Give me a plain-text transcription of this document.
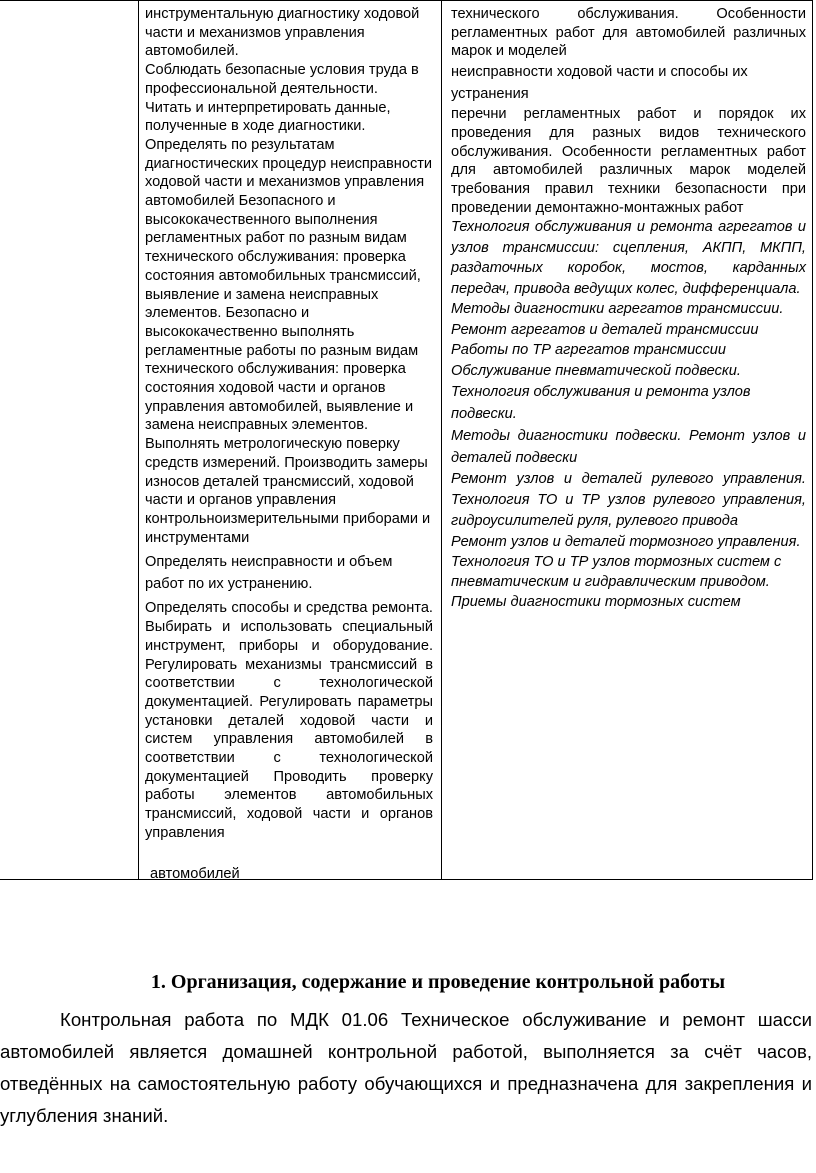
инструментальную диагностику ходовой части и механизмов управления автомобилей.

Соблюдать безопасные условия труда в профессиональной деятельности.

Читать и интерпретировать данные, полученные в ходе диагностики.

Определять по результатам диагностических процедур неисправности ходовой части и механизмов управления автомобилей Безопасного и высококачественного выполнения регламентных работ по разным видам технического обслуживания: проверка состояния автомобильных трансмиссий, выявление и замена неисправных элементов. Безопасно и высококачественно выполнять регламентные работы по разным видам технического обслуживания: проверка состояния ходовой части и органов управления автомобилей, выявление и замена неисправных элементов.

Выполнять метрологическую поверку средств измерений. Производить замеры износов деталей трансмиссий, ходовой части и органов управления контрольноизмерительными приборами и инструментами

Определять неисправности и объем работ по их устранению.

Определять способы и средства ремонта. Выбирать и использовать специальный инструмент, приборы и оборудование. Регулировать механизмы трансмиссий в соответствии с технологической документацией. Регулировать параметры установки деталей ходовой части и систем управления автомобилей в соответствии с технологической документацией Проводить проверку работы элементов автомобильных трансмиссий, ходовой части и органов управления

автомобилей

технического обслуживания. Особенности регламентных работ для автомобилей различных марок и моделей

неисправности ходовой части и способы их устранения

перечни регламентных работ и порядок их проведения для разных видов технического обслуживания. Особенности регламентных работ для автомобилей различных марок моделей требования правил техники безопасности при проведении демонтажно-монтажных работ

Технология обслуживания и ремонта агрегатов и узлов трансмиссии: сцепления, АКПП, МКПП, раздаточных коробок, мостов, карданных передач, привода ведущих колес, дифференциала.

Методы диагностики агрегатов трансмиссии.

Ремонт агрегатов и деталей трансмиссии Работы по ТР агрегатов трансмиссии Обслуживание пневматической подвески.

Технология обслуживания и ремонта узлов подвески.

Методы диагностики подвески. Ремонт узлов и деталей подвески

Ремонт узлов и деталей рулевого управления. Технология ТО и ТР узлов рулевого управления, гидроусилителей руля, рулевого привода

Ремонт узлов и деталей тормозного управления. Технология ТО и ТР узлов тормозных систем с пневматическим и гидравлическим приводом.

Приемы диагностики тормозных систем

1. Организация, содержание и проведение контрольной работы

Контрольная работа по МДК 01.06 Техническое обслуживание и ремонт шасси автомобилей является домашней контрольной работой, выполняется за счёт часов, отведённых на самостоятельную работу обучающихся и предназначена для закрепления и углубления знаний.
